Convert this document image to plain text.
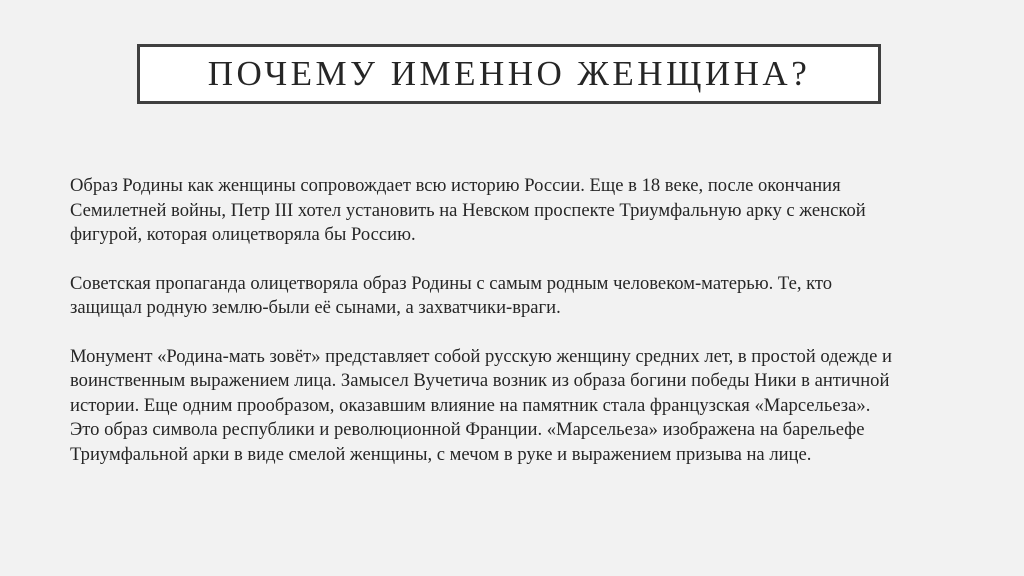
ПОЧЕМУ ИМЕННО ЖЕНЩИНА?

Образ Родины как женщины сопровождает всю историю России. Еще в 18 веке, после окончания
Семилетней войны, Петр III хотел установить на Невском проспекте Триумфальную арку с женской
фигурой, которая олицетворяла бы Россию.

Советская пропаганда олицетворяла образ Родины с самым родным человеком-матерью. Те, кто
защищал родную землю-были её сынами, а захватчики-враги.

Монумент «Родина-мать зовёт» представляет собой русскую женщину средних лет, в простой одежде и
воинственным выражением лица. Замысел Вучетича возник из образа богини победы Ники в античной
истории. Еще одним прообразом, оказавшим влияние на памятник стала французская «Марсельеза».
Это образ символа республики и революционной Франции. «Марсельеза» изображена на барельефе
Триумфальной арки в виде смелой женщины, с мечом в руке и выражением призыва на лице.
